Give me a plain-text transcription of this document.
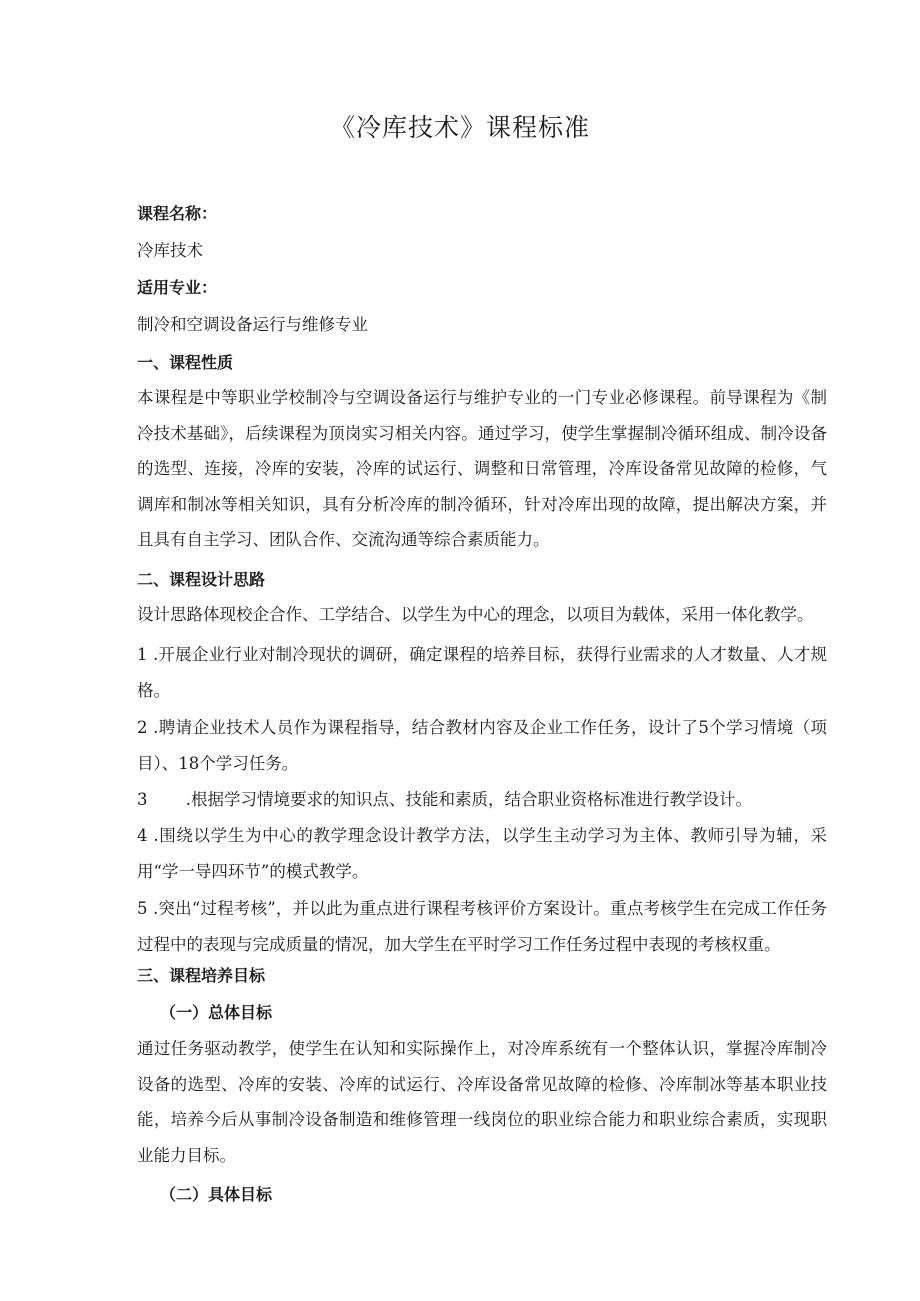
《冷库技术》课程标准
课程名称：
冷库技术
适用专业：
制冷和空调设备运行与维修专业
一、课程性质
本课程是中等职业学校制冷与空调设备运行与维护专业的一门专业必修课程。前导课程为《制冷技术基础》，后续课程为顶岗实习相关内容。通过学习，使学生掌握制冷循环组成、制冷设备的选型、连接，冷库的安装，冷库的试运行、调整和日常管理，冷库设备常见故障的检修，气调库和制冰等相关知识，具有分析冷库的制冷循环，针对冷库出现的故障，提出解决方案，并且具有自主学习、团队合作、交流沟通等综合素质能力。
二、课程设计思路
设计思路体现校企合作、工学结合、以学生为中心的理念，以项目为载体，采用一体化教学。
1 .开展企业行业对制冷现状的调研，确定课程的培养目标，获得行业需求的人才数量、人才规格。
2 .聘请企业技术人员作为课程指导，结合教材内容及企业工作任务，设计了5个学习情境（项目）、18个学习任务。
3 　　.根据学习情境要求的知识点、技能和素质，结合职业资格标准进行教学设计。
4 .围绕以学生为中心的教学理念设计教学方法，以学生主动学习为主体、教师引导为辅，采用“学一导四环节”的模式教学。
5 .突出“过程考核”，并以此为重点进行课程考核评价方案设计。重点考核学生在完成工作任务过程中的表现与完成质量的情况，加大学生在平时学习工作任务过程中表现的考核权重。
三、课程培养目标
（一）总体目标
通过任务驱动教学，使学生在认知和实际操作上，对冷库系统有一个整体认识，掌握冷库制冷设备的选型、冷库的安装、冷库的试运行、冷库设备常见故障的检修、冷库制冰等基本职业技能，培养今后从事制冷设备制造和维修管理一线岗位的职业综合能力和职业综合素质，实现职业能力目标。
（二）具体目标
